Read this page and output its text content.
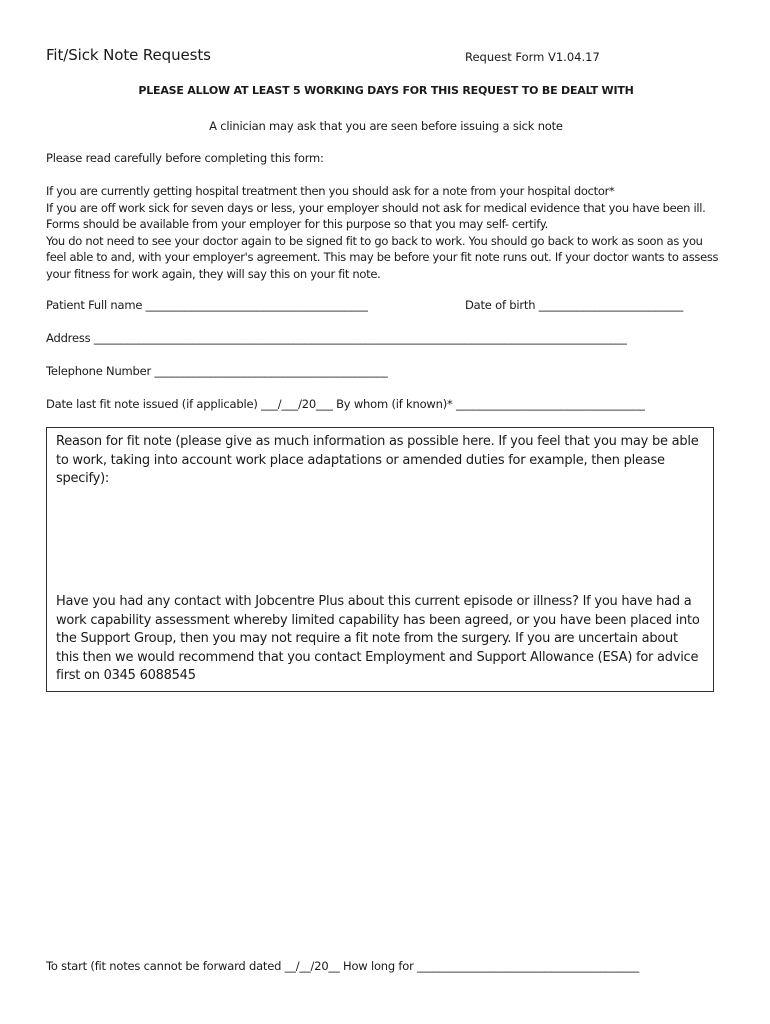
Fit/Sick Note Requests	Request Form V1.04.17
PLEASE ALLOW AT LEAST 5 WORKING DAYS FOR THIS REQUEST TO BE DEALT WITH
A clinician may ask that you are seen before issuing a sick note
Please read carefully before completing this form:

If you are currently getting hospital treatment then you should ask for a note from your hospital doctor*

If you are off work sick for seven days or less, your employer should not ask for medical evidence that you have been ill. Forms should be available from your employer for this purpose so that you may self- certify.

You do not need to see your doctor again to be signed fit to go back to work. You should go back to work as soon as you feel able to and, with your employer's agreement. This may be before your fit note runs out. If your doctor wants to assess your fitness for work again, they will say this on your fit note.

Patient Full name ________________________________________	Date of birth __________________________
Address ________________________________________________________________________________________________
Telephone Number __________________________________________
Date last fit note issued (if applicable) ___/___/20___ By whom (if known)* __________________________________

Reason for fit note (please give as much information as possible here. If you feel that you may be able to work, taking into account work place adaptations or amended duties for example, then please specify):

Have you had any contact with Jobcentre Plus about this current episode or illness? If you have had a work capability assessment whereby limited capability has been agreed, or you have been placed into the Support Group, then you may not require a fit note from the surgery. If you are uncertain about this then we would recommend that you contact Employment and Support Allowance (ESA) for advice first on 0345 6088545

To start (fit notes cannot be forward dated __/__/20__ How long for ________________________________________
